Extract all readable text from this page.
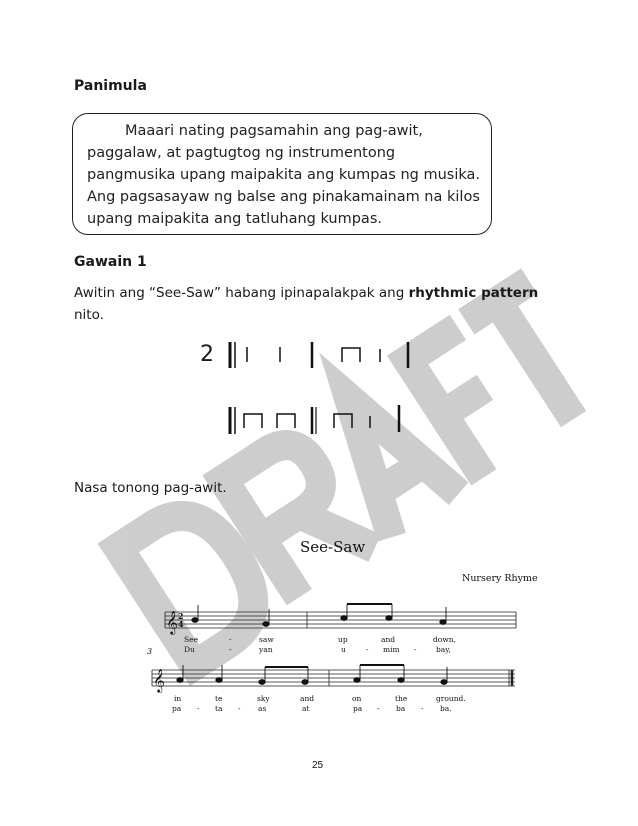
Panimula
Maaari nating pagsamahin ang pag-awit,
paggalaw, at pagtugtog ng instrumentong
pangmusika upang maipakita ang kumpas ng musika.
Ang pagsasayaw ng balse ang pinakamainam na kilos
upang maipakita ang tatluhang kumpas.
Gawain 1
Awitin ang “See-Saw” habang ipinapalakpak ang rhythmic pattern
nito.
2
Nasa tonong pag-awit.
See-Saw
Nursery Rhyme
𝄞 2
4
𝄞
3
See	-	saw	up	and	down,
Du	-	yan	u	- mim -	bay,
in	te	sky	and	on	the	ground.
pa - ta - as	at	pa - ba - ba.
25
